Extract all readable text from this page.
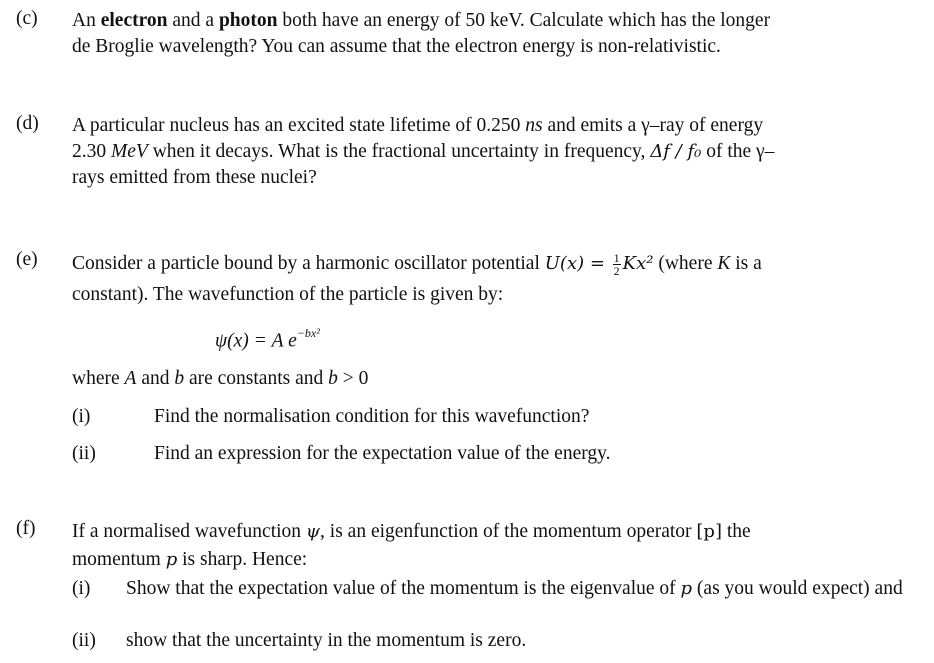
(c) An electron and a photon both have an energy of 50 keV. Calculate which has the longer
de Broglie wavelength? You can assume that the electron energy is non-relativistic.
(d) A particular nucleus has an excited state lifetime of 0.250 ns and emits a γ–ray of energy
2.30 MeV when it decays. What is the fractional uncertainty in frequency, Δf / f₀ of the γ–
rays emitted from these nuclei?
(e) Consider a particle bound by a harmonic oscillator potential $U(x) = \frac{1}{2} Kx^2$ (where K is a
constant). The wavefunction of the particle is given by:
ψ(x) = A $e^{-bx^2}$
where A and b are constants and b > 0
(i)	Find the normalisation condition for this wavefunction?
(ii)	Find an expression for the expectation value of the energy.
(f) If a normalised wavefunction ψ, is an eigenfunction of the momentum operator [p] the
momentum p is sharp. Hence:
(i) Show that the expectation value of the momentum is the eigenvalue of p (as you would expect) and
(ii) show that the uncertainty in the momentum is zero.
